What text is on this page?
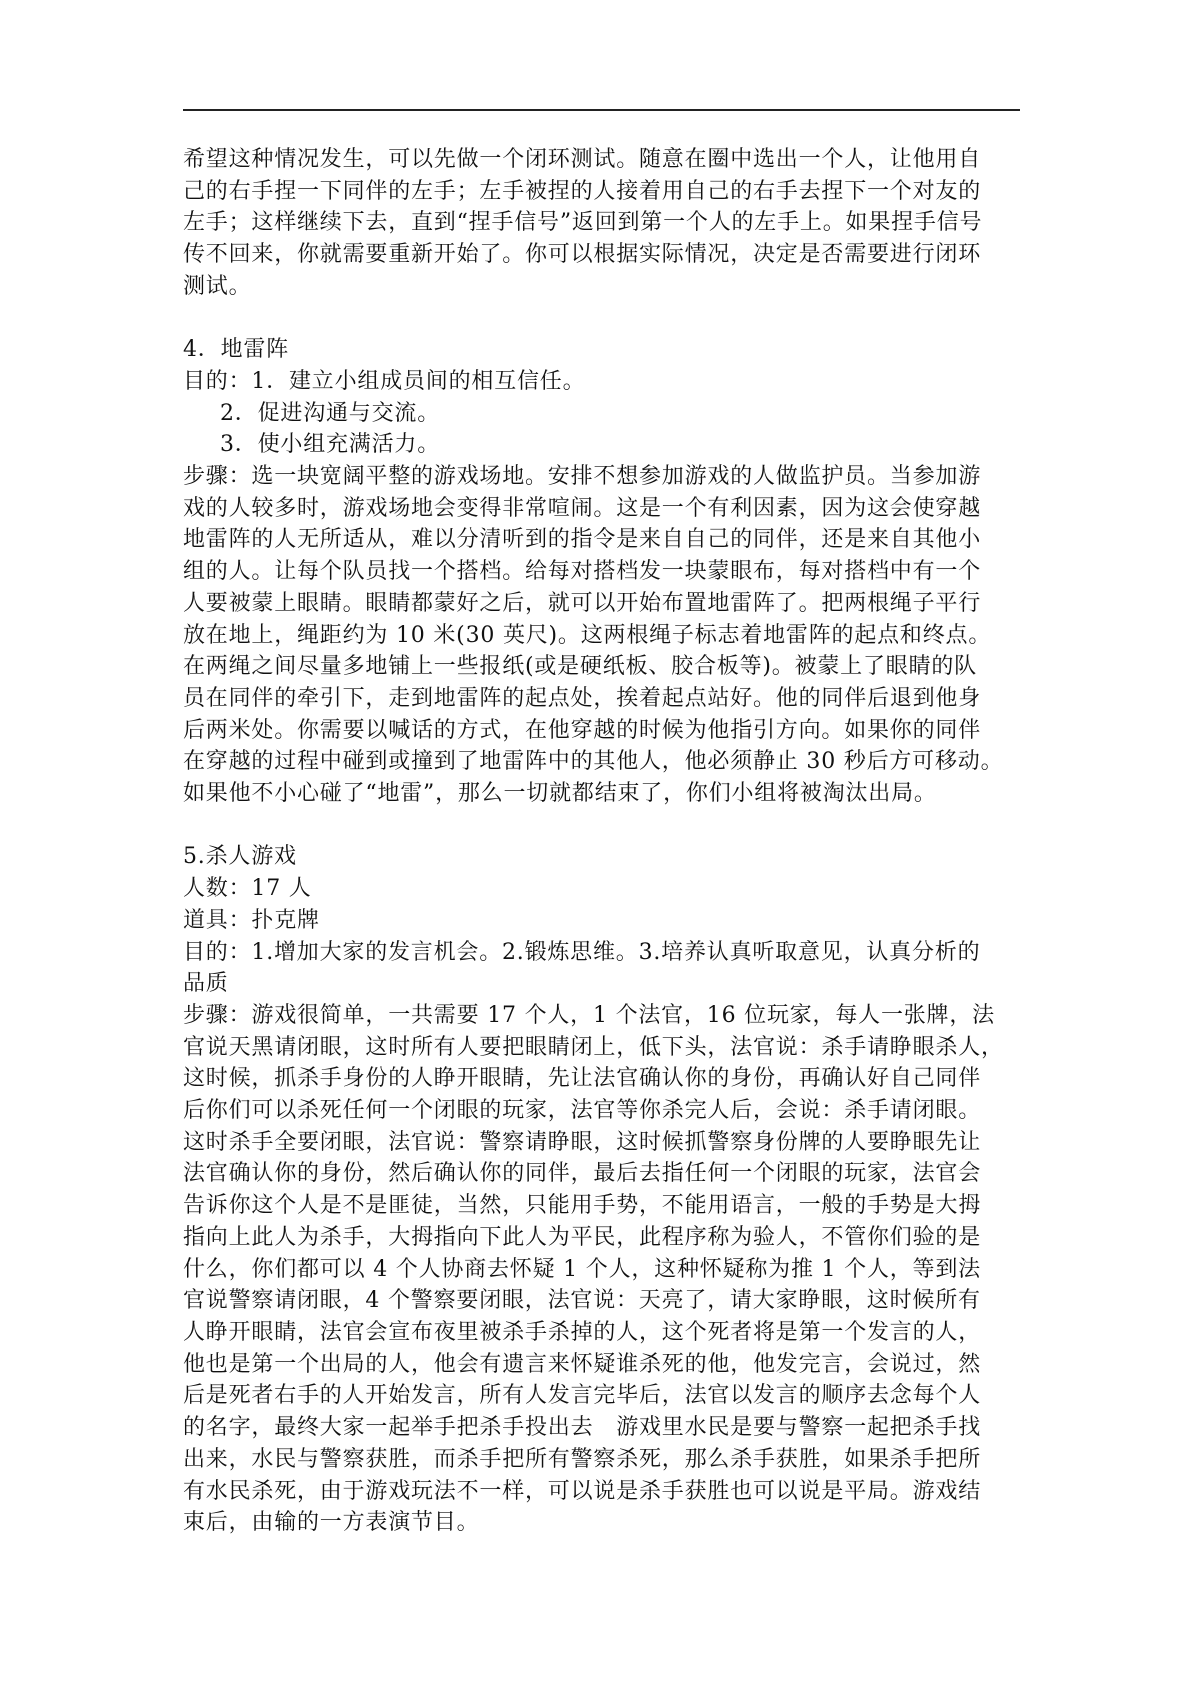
希望这种情况发生，可以先做一个闭环测试。随意在圈中选出一个人，让他用自
己的右手捏一下同伴的左手；左手被捏的人接着用自己的右手去捏下一个对友的
左手；这样继续下去，直到“捏手信号”返回到第一个人的左手上。如果捏手信号
传不回来，你就需要重新开始了。你可以根据实际情况，决定是否需要进行闭环
测试。
4．地雷阵
目的：1．建立小组成员间的相互信任。
2．促进沟通与交流。
3．使小组充满活力。
步骤：选一块宽阔平整的游戏场地。安排不想参加游戏的人做监护员。当参加游
戏的人较多时，游戏场地会变得非常喧闹。这是一个有利因素，因为这会使穿越
地雷阵的人无所适从，难以分清听到的指令是来自自己的同伴，还是来自其他小
组的人。让每个队员找一个搭档。给每对搭档发一块蒙眼布，每对搭档中有一个
人要被蒙上眼睛。眼睛都蒙好之后，就可以开始布置地雷阵了。把两根绳子平行
放在地上，绳距约为 10 米(30 英尺)。这两根绳子标志着地雷阵的起点和终点。
在两绳之间尽量多地铺上一些报纸(或是硬纸板、胶合板等)。被蒙上了眼睛的队
员在同伴的牵引下，走到地雷阵的起点处，挨着起点站好。他的同伴后退到他身
后两米处。你需要以喊话的方式，在他穿越的时候为他指引方向。如果你的同伴
在穿越的过程中碰到或撞到了地雷阵中的其他人，他必须静止 30 秒后方可移动。
如果他不小心碰了“地雷”，那么一切就都结束了，你们小组将被淘汰出局。
5.杀人游戏
人数：17 人
道具：扑克牌
目的：1.增加大家的发言机会。2.锻炼思维。3.培养认真听取意见，认真分析的
品质
步骤：游戏很简单，一共需要 17 个人，1 个法官，16 位玩家，每人一张牌，法
官说天黑请闭眼，这时所有人要把眼睛闭上，低下头，法官说：杀手请睁眼杀人，
这时候，抓杀手身份的人睁开眼睛，先让法官确认你的身份，再确认好自己同伴
后你们可以杀死任何一个闭眼的玩家，法官等你杀完人后，会说：杀手请闭眼。
这时杀手全要闭眼，法官说：警察请睁眼，这时候抓警察身份牌的人要睁眼先让
法官确认你的身份，然后确认你的同伴，最后去指任何一个闭眼的玩家，法官会
告诉你这个人是不是匪徒，当然，只能用手势，不能用语言，一般的手势是大拇
指向上此人为杀手，大拇指向下此人为平民，此程序称为验人，不管你们验的是
什么，你们都可以 4 个人协商去怀疑 1 个人，这种怀疑称为推 1 个人，等到法
官说警察请闭眼，4 个警察要闭眼，法官说：天亮了，请大家睁眼，这时候所有
人睁开眼睛，法官会宣布夜里被杀手杀掉的人，这个死者将是第一个发言的人，
他也是第一个出局的人，他会有遗言来怀疑谁杀死的他，他发完言，会说过，然
后是死者右手的人开始发言，所有人发言完毕后，法官以发言的顺序去念每个人
的名字，最终大家一起举手把杀手投出去　游戏里水民是要与警察一起把杀手找
出来，水民与警察获胜，而杀手把所有警察杀死，那么杀手获胜，如果杀手把所
有水民杀死，由于游戏玩法不一样，可以说是杀手获胜也可以说是平局。游戏结
束后，由输的一方表演节目。
